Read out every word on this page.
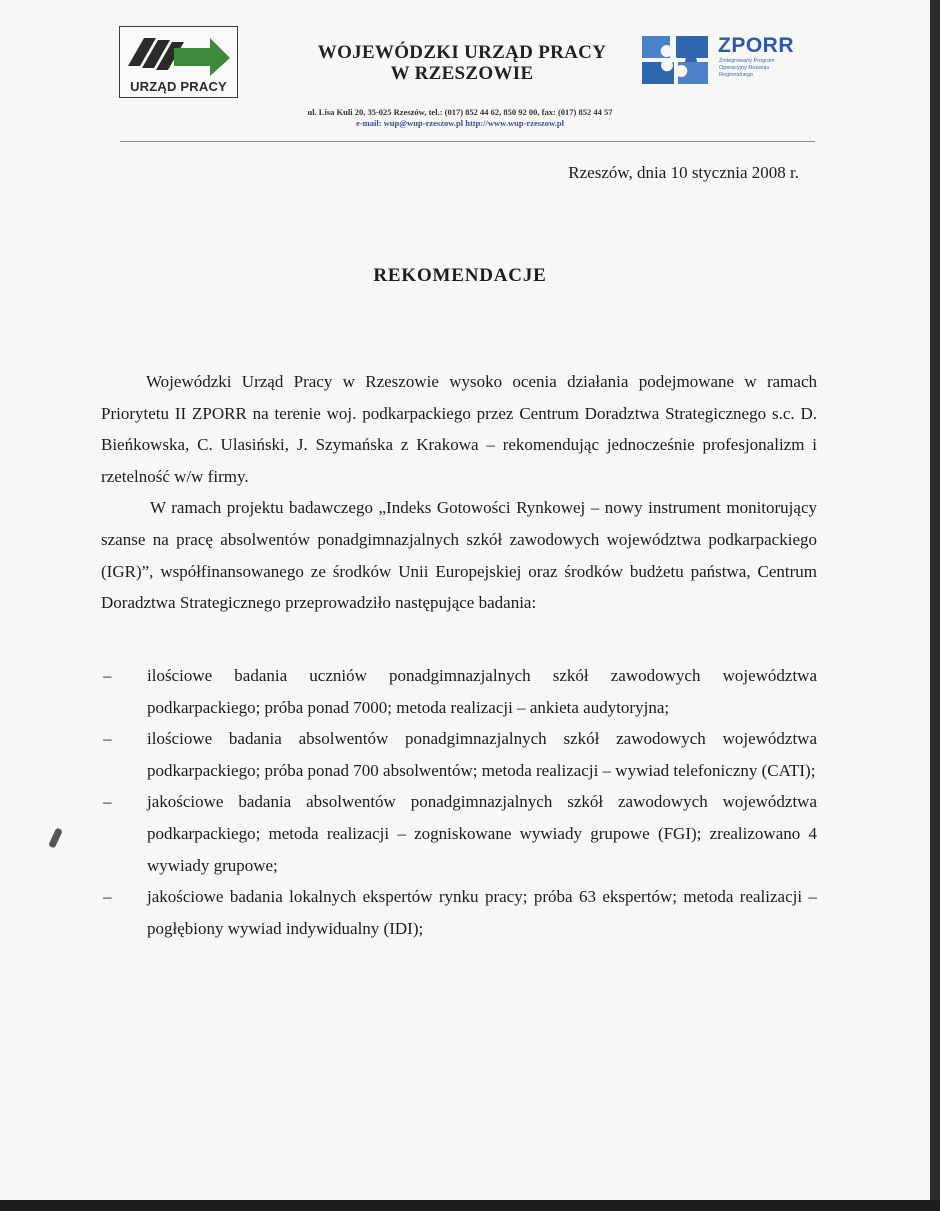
URZĄD PRACY
WOJEWÓDZKI URZĄD PRACY
W RZESZOWIE
ZPORR
Zintegrowany Program Operacyjny Rozwoju Regionalnego
ul. Lisa Kuli 20, 35-025 Rzeszów, tel.: (017) 852 44 62, 850 92 00, fax: (017) 852 44 57
e-mail: wup@wup-rzeszow.pl http://www.wup-rzeszow.pl
Rzeszów, dnia 10 stycznia 2008 r.
REKOMENDACJE

Wojewódzki Urząd Pracy w Rzeszowie wysoko ocenia działania podejmowane w ramach Priorytetu II ZPORR na terenie woj. podkarpackiego przez Centrum Doradztwa Strategicznego s.c. D. Bieńkowska, C. Ulasiński, J. Szymańska z Krakowa – rekomendując jednocześnie profesjonalizm i rzetelność w/w firmy.

W ramach projektu badawczego „Indeks Gotowości Rynkowej – nowy instrument monitorujący szanse na pracę absolwentów ponadgimnazjalnych szkół zawodowych województwa podkarpackiego (IGR)”, współfinansowanego ze środków Unii Europejskiej oraz środków budżetu państwa, Centrum Doradztwa Strategicznego przeprowadziło następujące badania:

– ilościowe badania uczniów ponadgimnazjalnych szkół zawodowych województwa podkarpackiego; próba ponad 7000; metoda realizacji – ankieta audytoryjna;
– ilościowe badania absolwentów ponadgimnazjalnych szkół zawodowych województwa podkarpackiego; próba ponad 700 absolwentów; metoda realizacji – wywiad telefoniczny (CATI);
– jakościowe badania absolwentów ponadgimnazjalnych szkół zawodowych województwa podkarpackiego; metoda realizacji – zogniskowane wywiady grupowe (FGI); zrealizowano 4 wywiady grupowe;
– jakościowe badania lokalnych ekspertów rynku pracy; próba 63 ekspertów; metoda realizacji – pogłębiony wywiad indywidualny (IDI);
